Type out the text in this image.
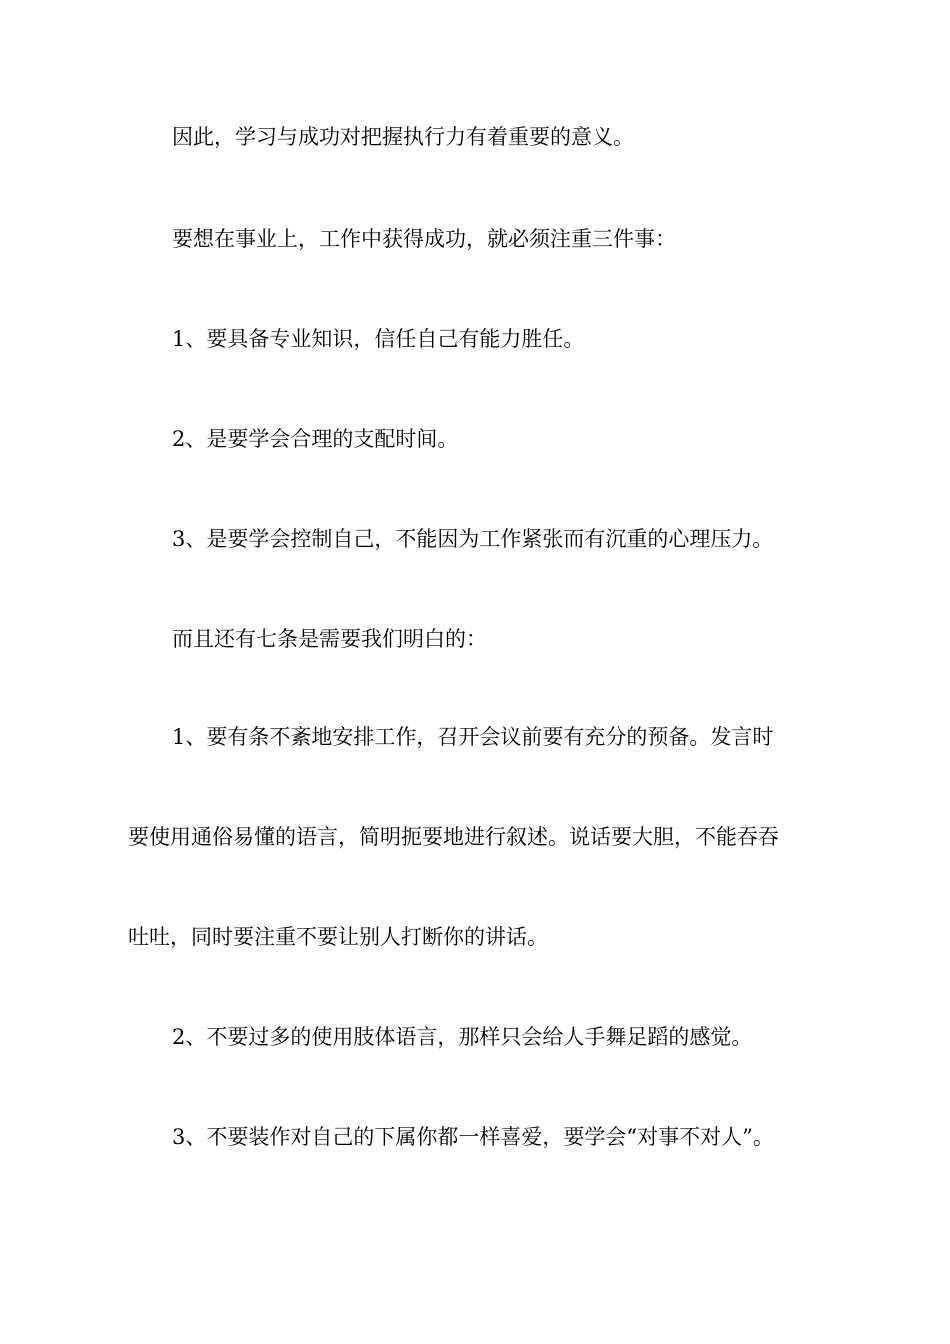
因此，学习与成功对把握执行力有着重要的意义。
要想在事业上，工作中获得成功，就必须注重三件事：
1、要具备专业知识，信任自己有能力胜任。
2、是要学会合理的支配时间。
3、是要学会控制自己，不能因为工作紧张而有沉重的心理压力。
而且还有七条是需要我们明白的：
1、要有条不紊地安排工作，召开会议前要有充分的预备。发言时
要使用通俗易懂的语言，简明扼要地进行叙述。说话要大胆，不能吞吞
吐吐，同时要注重不要让别人打断你的讲话。
2、不要过多的使用肢体语言，那样只会给人手舞足蹈的感觉。
3、不要装作对自己的下属你都一样喜爱，要学会“对事不对人”。
